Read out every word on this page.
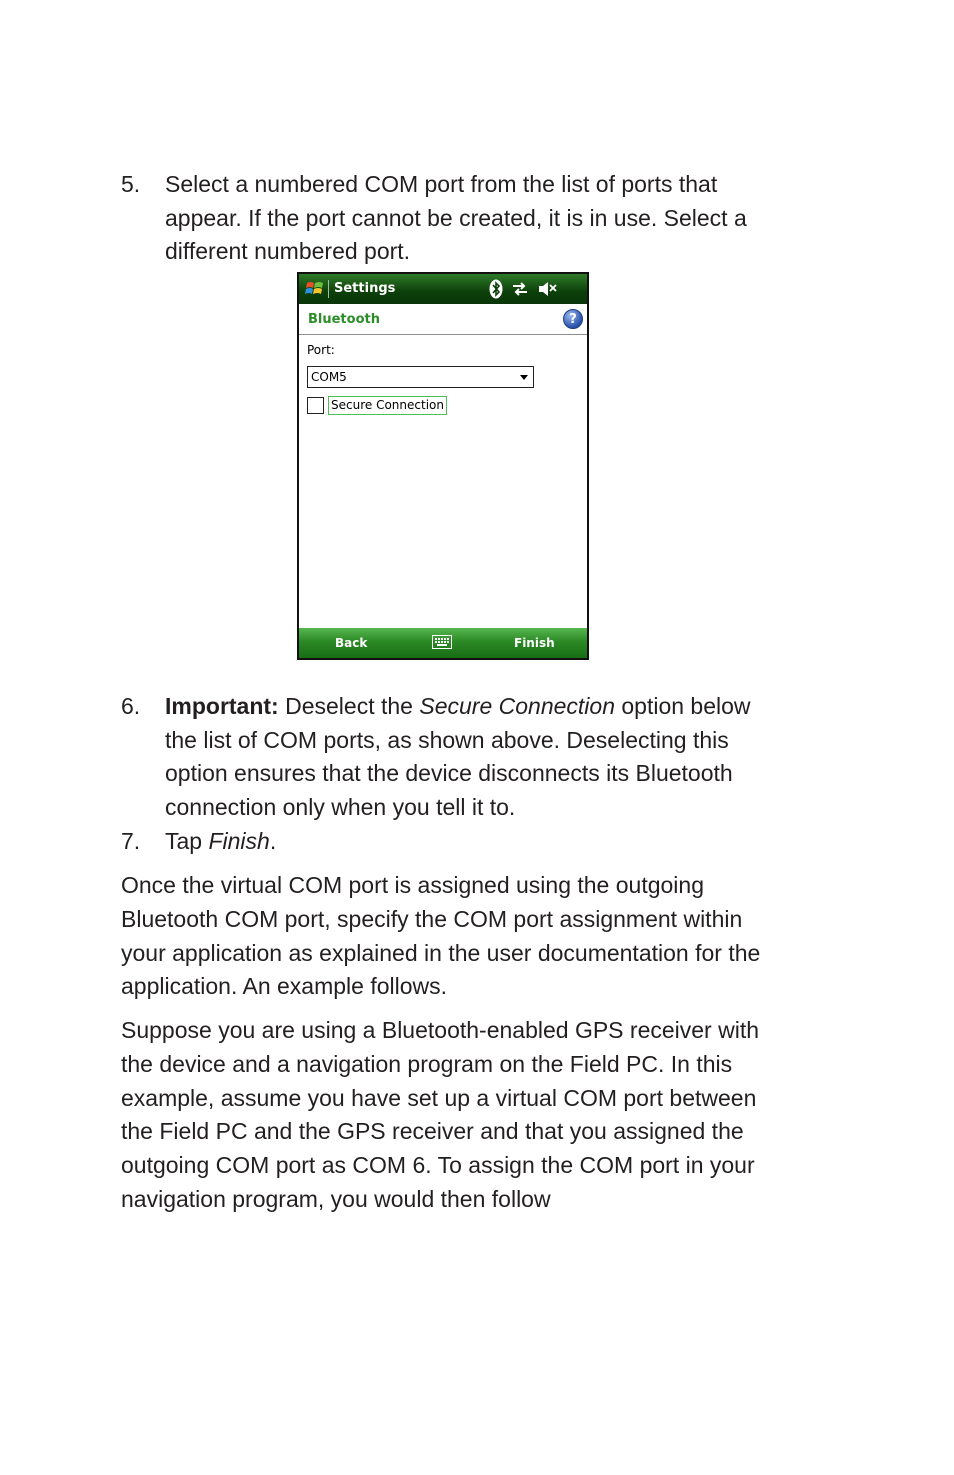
5. Select a numbered COM port from the list of ports that appear. If the port cannot be created, it is in use. Select a different numbered port.
Settings
Bluetooth	?
Port:
COM5
Secure Connection
Back	Finish
6. Important: Deselect the Secure Connection option below the list of COM ports, as shown above. Deselecting this option ensures that the device disconnects its Bluetooth connection only when you tell it to.
7. Tap Finish.

Once the virtual COM port is assigned using the outgoing Bluetooth COM port, specify the COM port assignment within your application as explained in the user documentation for the application. An example follows.

Suppose you are using a Bluetooth-enabled GPS receiver with the device and a navigation program on the Field PC. In this example, assume you have set up a virtual COM port between the Field PC and the GPS receiver and that you assigned the outgoing COM port as COM 6. To assign the COM port in your navigation program, you would then follow
